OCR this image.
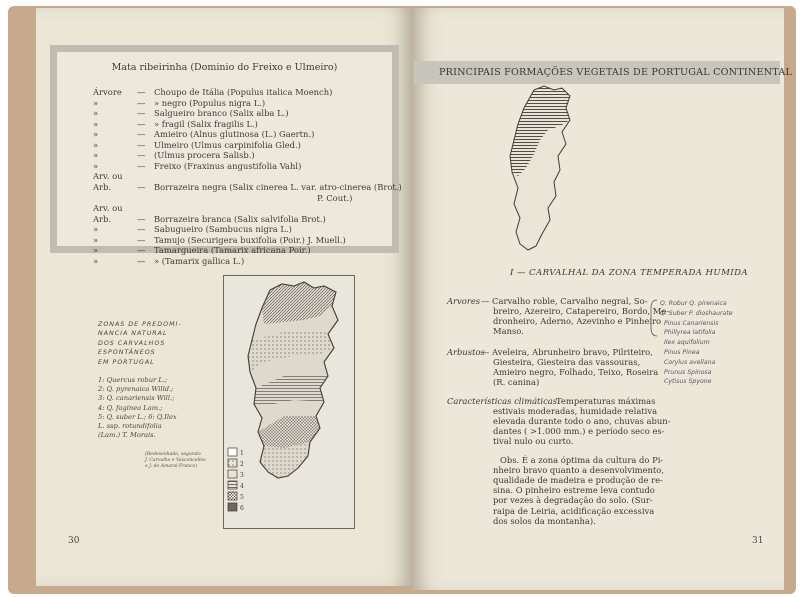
Mata ribeirinha (Dominio do Freixo e Ulmeiro)
Árvore — Choupo de Itália (Populus italica Moench)
»	— » negro (Populus nigra L.)
»	— Salgueiro branco (Salix alba L.)
»	— » fragil (Salix fragilis L.)
»	— Amieiro (Alnus glutinosa (L.) Gaertn.)
»	— Ulmeiro (Ulmus carpinifolia Gled.)
»	— (Ulmus procera Salisb.)
»	— Freixo (Fraxinus angustifolia Vahl)
Arv. ou
Arb.	— Borrazeira negra (Salix cinerea L. var. atro-cinerea (Brot.)
P. Cout.)
Arv. ou
Arb.	— Borrazeira branca (Salix salvifolia Brot.)
»	— Sabugueiro (Sambucus nigra L.)
»	— Tamujo (Securigera buxifolia (Poir.) J. Muell.)
»	— Tamargueira (Tamarix africana Poir.)
»	— » (Tamarix gallica L.)
ZONAS DE PREDOMI-
NANCIA NATURAL
DOS CARVALHOS
ESPONTÂNEOS
EM PORTUGAL
1: Quercus robur L.;
2: Q. pyrenaica Willd.;
3: Q. canariensis Will.;
4: Q. faginea Lam.;
5: Q. suber L.; 6: Q.Ilex
L. ssp. rotundifolia
(Lam.) T. Morais.
(Redesenhada, segundo
J. Carvalho e Vasconcellos
e J. do Amaral Franco)
1
2
3
4
5
6
30
PRINCIPAIS FORMAÇÕES VEGETAIS DE PORTUGAL CONTINENTAL
I — CARVALHAL DA ZONA TEMPERADA HUMIDA
Arvores — Carvalho roble, Carvalho negral, So-
breiro, Azereiro, Catapereiro, Bordo, Me-
dronheiro, Aderno, Azevinho e Pinheiro
Manso.
Arbustos
— Aveleira, Abrunheiro bravo, Pilriteiro,
Giesteira, Giesteira das vassouras,
Amieiro negro, Folhado, Teixo, Roseira
(R. canina)
Características climáticas:
Temperaturas máximas
estivais moderadas, humidade relativa
elevada durante todo o ano, chuvas abun-
dantes ( >1.000 mm.) e período seco es-
tival nulo ou curto.
Obs. É a zona óptima da cultura do Pi-
nheiro bravo quanto a desenvolvimento,
qualidade de madeira e produção de re-
sina. O pinheiro estreme leva contudo
por vezes à degradação do solo. (Sur-
raipa de Leiria, acidificação excessiva
dos solos da montanha).
Q. Robur Q. pirenaica
Q. Suber P. dioshaurate
Pinus Canariensis
Phillyrea latifolia
Ilex aquifolium
Pinus Pinea
Corylus avellana
Prunus Spinosa
Cytisus Spyone
31
